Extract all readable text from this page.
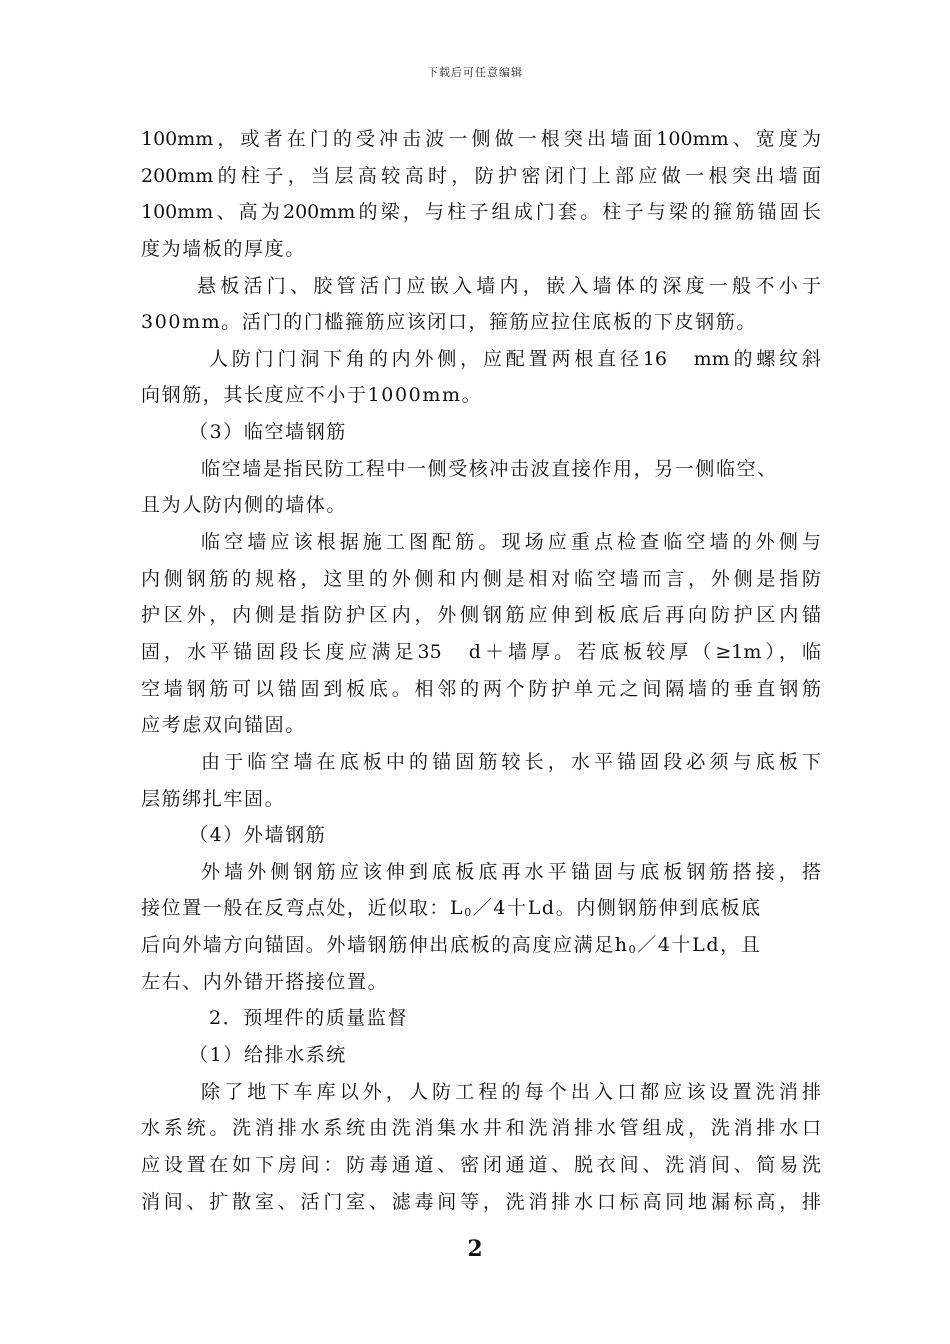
下载后可任意编辑

100mm，或者在门的受冲击波一侧做一根突出墙面100mm、宽度为

200mm的柱子，当层高较高时，防护密闭门上部应做一根突出墙面

100mm、高为200mm的梁，与柱子组成门套。柱子与梁的箍筋锚固长

度为墙板的厚度。

悬板活门、胶管活门应嵌入墙内，嵌入墙体的深度一般不小于

300mm。活门的门槛箍筋应该闭口，箍筋应拉住底板的下皮钢筋。

人防门门洞下角的内外侧，应配置两根直径16　mm的螺纹斜

向钢筋，其长度应不小于1000mm。

（3）临空墙钢筋

临空墙是指民防工程中一侧受核冲击波直接作用，另一侧临空、

且为人防内侧的墙体。

临空墙应该根据施工图配筋。现场应重点检查临空墙的外侧与

内侧钢筋的规格，这里的外侧和内侧是相对临空墙而言，外侧是指防

护区外，内侧是指防护区内，外侧钢筋应伸到板底后再向防护区内锚

固，水平锚固段长度应满足35　d＋墙厚。若底板较厚（≥1m），临

空墙钢筋可以锚固到板底。相邻的两个防护单元之间隔墙的垂直钢筋

应考虑双向锚固。

由于临空墙在底板中的锚固筋较长，水平锚固段必须与底板下

层筋绑扎牢固。

（4）外墙钢筋

外墙外侧钢筋应该伸到底板底再水平锚固与底板钢筋搭接，搭

接位置一般在反弯点处，近似取：$L_0/4$十Ld。内侧钢筋伸到底板底

后向外墙方向锚固。外墙钢筋伸出底板的高度应满足$h_0/4$十Ld，且

左右、内外错开搭接位置。

2．预埋件的质量监督

（1）给排水系统

除了地下车库以外，人防工程的每个出入口都应该设置洗消排

水系统。洗消排水系统由洗消集水井和洗消排水管组成，洗消排水口

应设置在如下房间：防毒通道、密闭通道、脱衣间、洗消间、简易洗

消间、扩散室、活门室、滤毒间等，洗消排水口标高同地漏标高，排

2
